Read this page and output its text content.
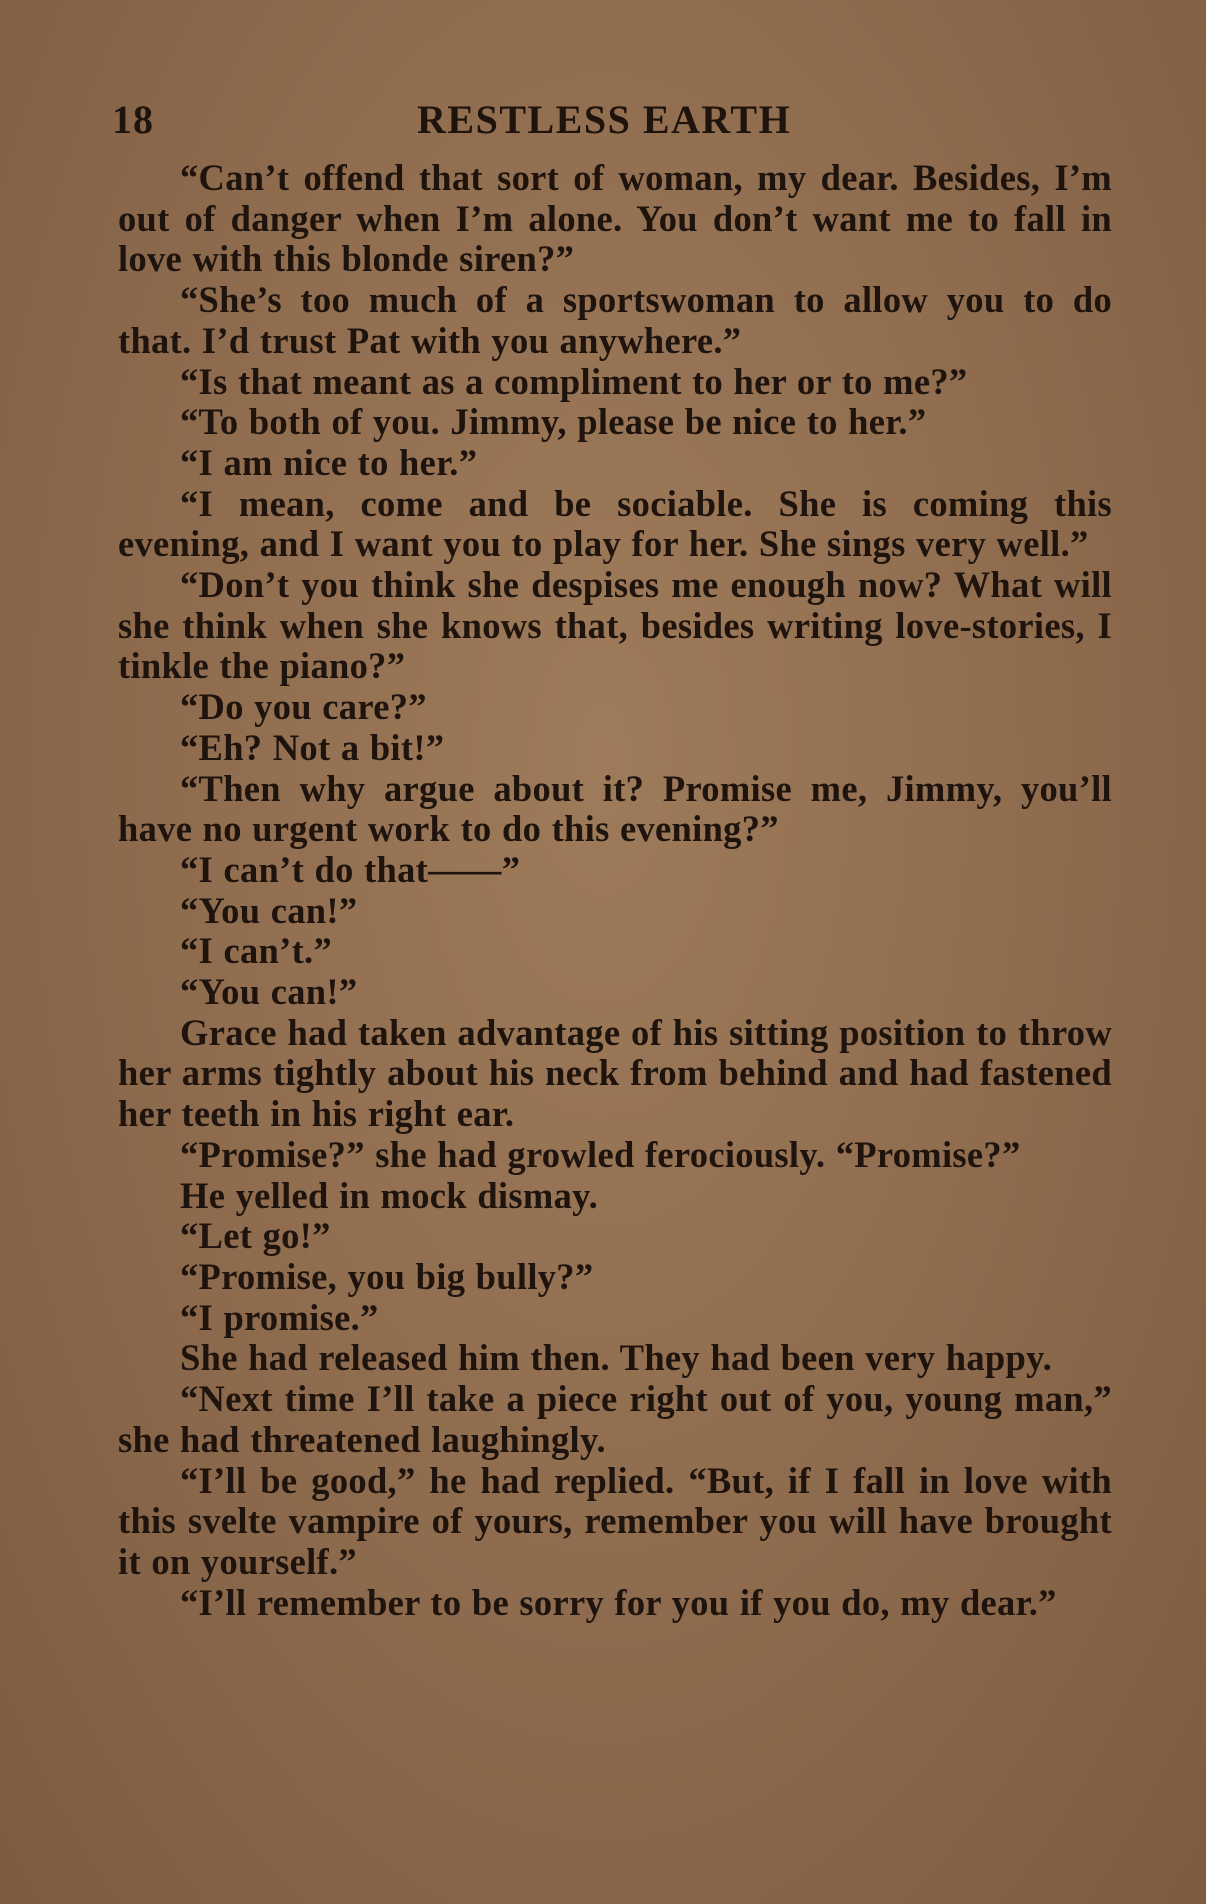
18	RESTLESS EARTH

“Can’t offend that sort of woman, my dear. Besides, I’m out of danger when I’m alone. You don’t want me to fall in love with this blonde siren?”

“She’s too much of a sportswoman to allow you to do that. I’d trust Pat with you anywhere.”

“Is that meant as a compliment to her or to me?”

“To both of you. Jimmy, please be nice to her.”

“I am nice to her.”

“I mean, come and be sociable. She is coming this evening, and I want you to play for her. She sings very well.”

“Don’t you think she despises me enough now? What will she think when she knows that, besides writing love-stories, I tinkle the piano?”

“Do you care?”

“Eh? Not a bit!”

“Then why argue about it? Promise me, Jimmy, you’ll have no urgent work to do this evening?”

“I can’t do that——”

“You can!”

“I can’t.”

“You can!”

Grace had taken advantage of his sitting position to throw her arms tightly about his neck from behind and had fastened her teeth in his right ear.

“Promise?” she had growled ferociously. “Promise?”

He yelled in mock dismay.

“Let go!”

“Promise, you big bully?”

“I promise.”

She had released him then. They had been very happy.

“Next time I’ll take a piece right out of you, young man,” she had threatened laughingly.

“I’ll be good,” he had replied. “But, if I fall in love with this svelte vampire of yours, remember you will have brought it on yourself.”

“I’ll remember to be sorry for you if you do, my dear.”
